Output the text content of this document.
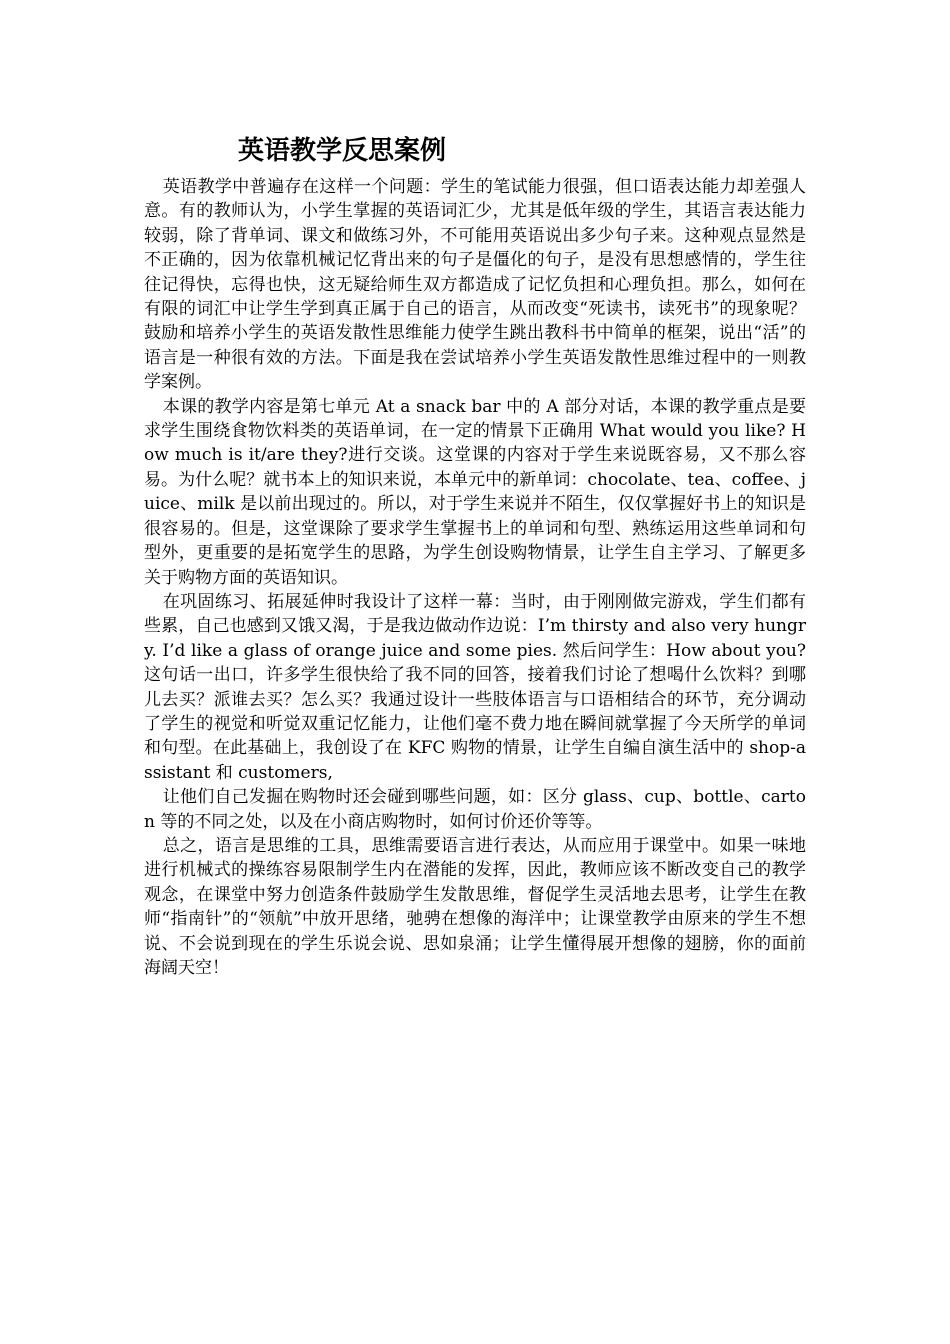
英语教学反思案例

英语教学中普遍存在这样一个问题：学生的笔试能力很强，但口语表达能力却差强人意。有的教师认为，小学生掌握的英语词汇少，尤其是低年级的学生，其语言表达能力较弱，除了背单词、课文和做练习外，不可能用英语说出多少句子来。这种观点显然是不正确的，因为依靠机械记忆背出来的句子是僵化的句子，是没有思想感情的，学生往往记得快，忘得也快，这无疑给师生双方都造成了记忆负担和心理负担。那么，如何在有限的词汇中让学生学到真正属于自己的语言，从而改变“死读书，读死书”的现象呢？鼓励和培养小学生的英语发散性思维能力使学生跳出教科书中简单的框架，说出“活”的语言是一种很有效的方法。下面是我在尝试培养小学生英语发散性思维过程中的一则教学案例。

本课的教学内容是第七单元 At a snack bar 中的 A 部分对话，本课的教学重点是要求学生围绕食物饮料类的英语单词，在一定的情景下正确用 What would you like? How much is it/are they?进行交谈。这堂课的内容对于学生来说既容易，又不那么容易。为什么呢？就书本上的知识来说，本单元中的新单词：chocolate、tea、coffee、juice、milk 是以前出现过的。所以，对于学生来说并不陌生，仅仅掌握好书上的知识是很容易的。但是，这堂课除了要求学生掌握书上的单词和句型、熟练运用这些单词和句型外，更重要的是拓宽学生的思路，为学生创设购物情景，让学生自主学习、了解更多关于购物方面的英语知识。

在巩固练习、拓展延伸时我设计了这样一幕：当时，由于刚刚做完游戏，学生们都有些累，自己也感到又饿又渴，于是我边做动作边说：I’m thirsty and also very hungry. I’d like a glass of orange juice and some pies. 然后问学生：How about you? 这句话一出口，许多学生很快给了我不同的回答，接着我们讨论了想喝什么饮料？到哪儿去买？派谁去买？怎么买？我通过设计一些肢体语言与口语相结合的环节，充分调动了学生的视觉和听觉双重记忆能力，让他们毫不费力地在瞬间就掌握了今天所学的单词和句型。在此基础上，我创设了在 KFC 购物的情景，让学生自编自演生活中的 shop-assistant 和 customers,

让他们自己发掘在购物时还会碰到哪些问题，如：区分 glass、cup、bottle、carton 等的不同之处，以及在小商店购物时，如何讨价还价等等。

总之，语言是思维的工具，思维需要语言进行表达，从而应用于课堂中。如果一味地进行机械式的操练容易限制学生内在潜能的发挥，因此，教师应该不断改变自己的教学观念，在课堂中努力创造条件鼓励学生发散思维，督促学生灵活地去思考，让学生在教师“指南针”的“领航”中放开思绪，驰骋在想像的海洋中；让课堂教学由原来的学生不想说、不会说到现在的学生乐说会说、思如泉涌；让学生懂得展开想像的翅膀，你的面前海阔天空！
